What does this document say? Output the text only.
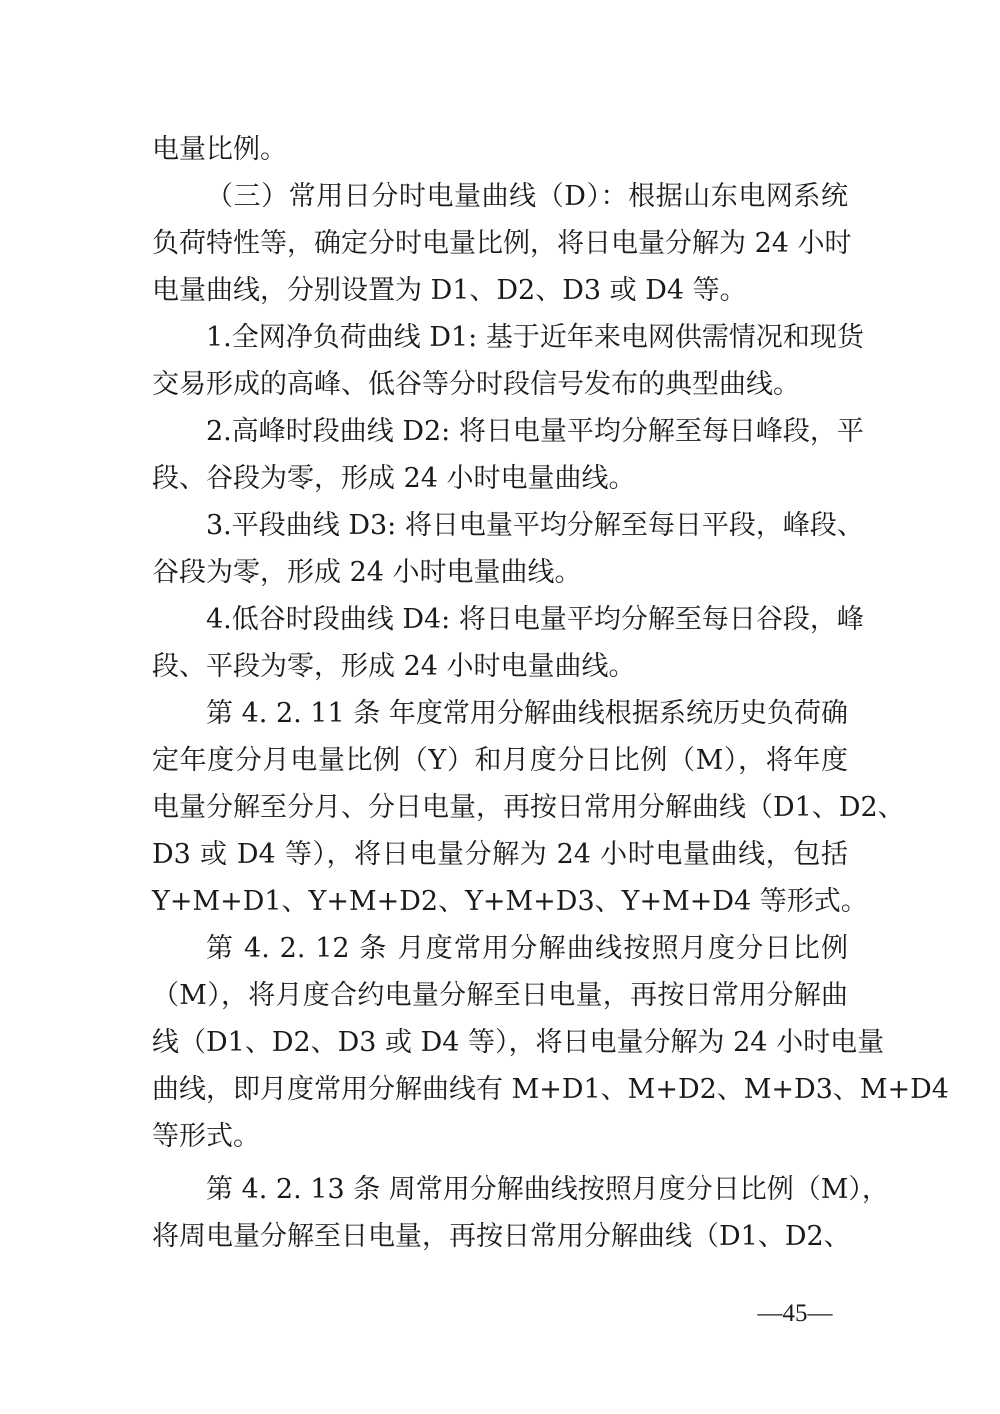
电量比例。
（三）常用日分时电量曲线（D）：根据山东电网系统
负荷特性等，确定分时电量比例，将日电量分解为 24 小时
电量曲线，分别设置为 D1、D2、D3 或 D4 等。
1.全网净负荷曲线 D1: 基于近年来电网供需情况和现货
交易形成的高峰、低谷等分时段信号发布的典型曲线。
2.高峰时段曲线 D2: 将日电量平均分解至每日峰段，平
段、谷段为零，形成 24 小时电量曲线。
3.平段曲线 D3: 将日电量平均分解至每日平段，峰段、
谷段为零，形成 24 小时电量曲线。
4.低谷时段曲线 D4: 将日电量平均分解至每日谷段，峰
段、平段为零，形成 24 小时电量曲线。
第 4. 2. 11 条 年度常用分解曲线根据系统历史负荷确
定年度分月电量比例（Y）和月度分日比例（M），将年度
电量分解至分月、分日电量，再按日常用分解曲线（D1、D2、
D3 或 D4 等），将日电量分解为 24 小时电量曲线，包括
Y+M+D1、Y+M+D2、Y+M+D3、Y+M+D4 等形式。
第 4. 2. 12 条 月度常用分解曲线按照月度分日比例
（M），将月度合约电量分解至日电量，再按日常用分解曲
线（D1、D2、D3 或 D4 等），将日电量分解为 24 小时电量
曲线，即月度常用分解曲线有 M+D1、M+D2、M+D3、M+D4
等形式。
第 4. 2. 13 条 周常用分解曲线按照月度分日比例（M），
将周电量分解至日电量，再按日常用分解曲线（D1、D2、
—45—
